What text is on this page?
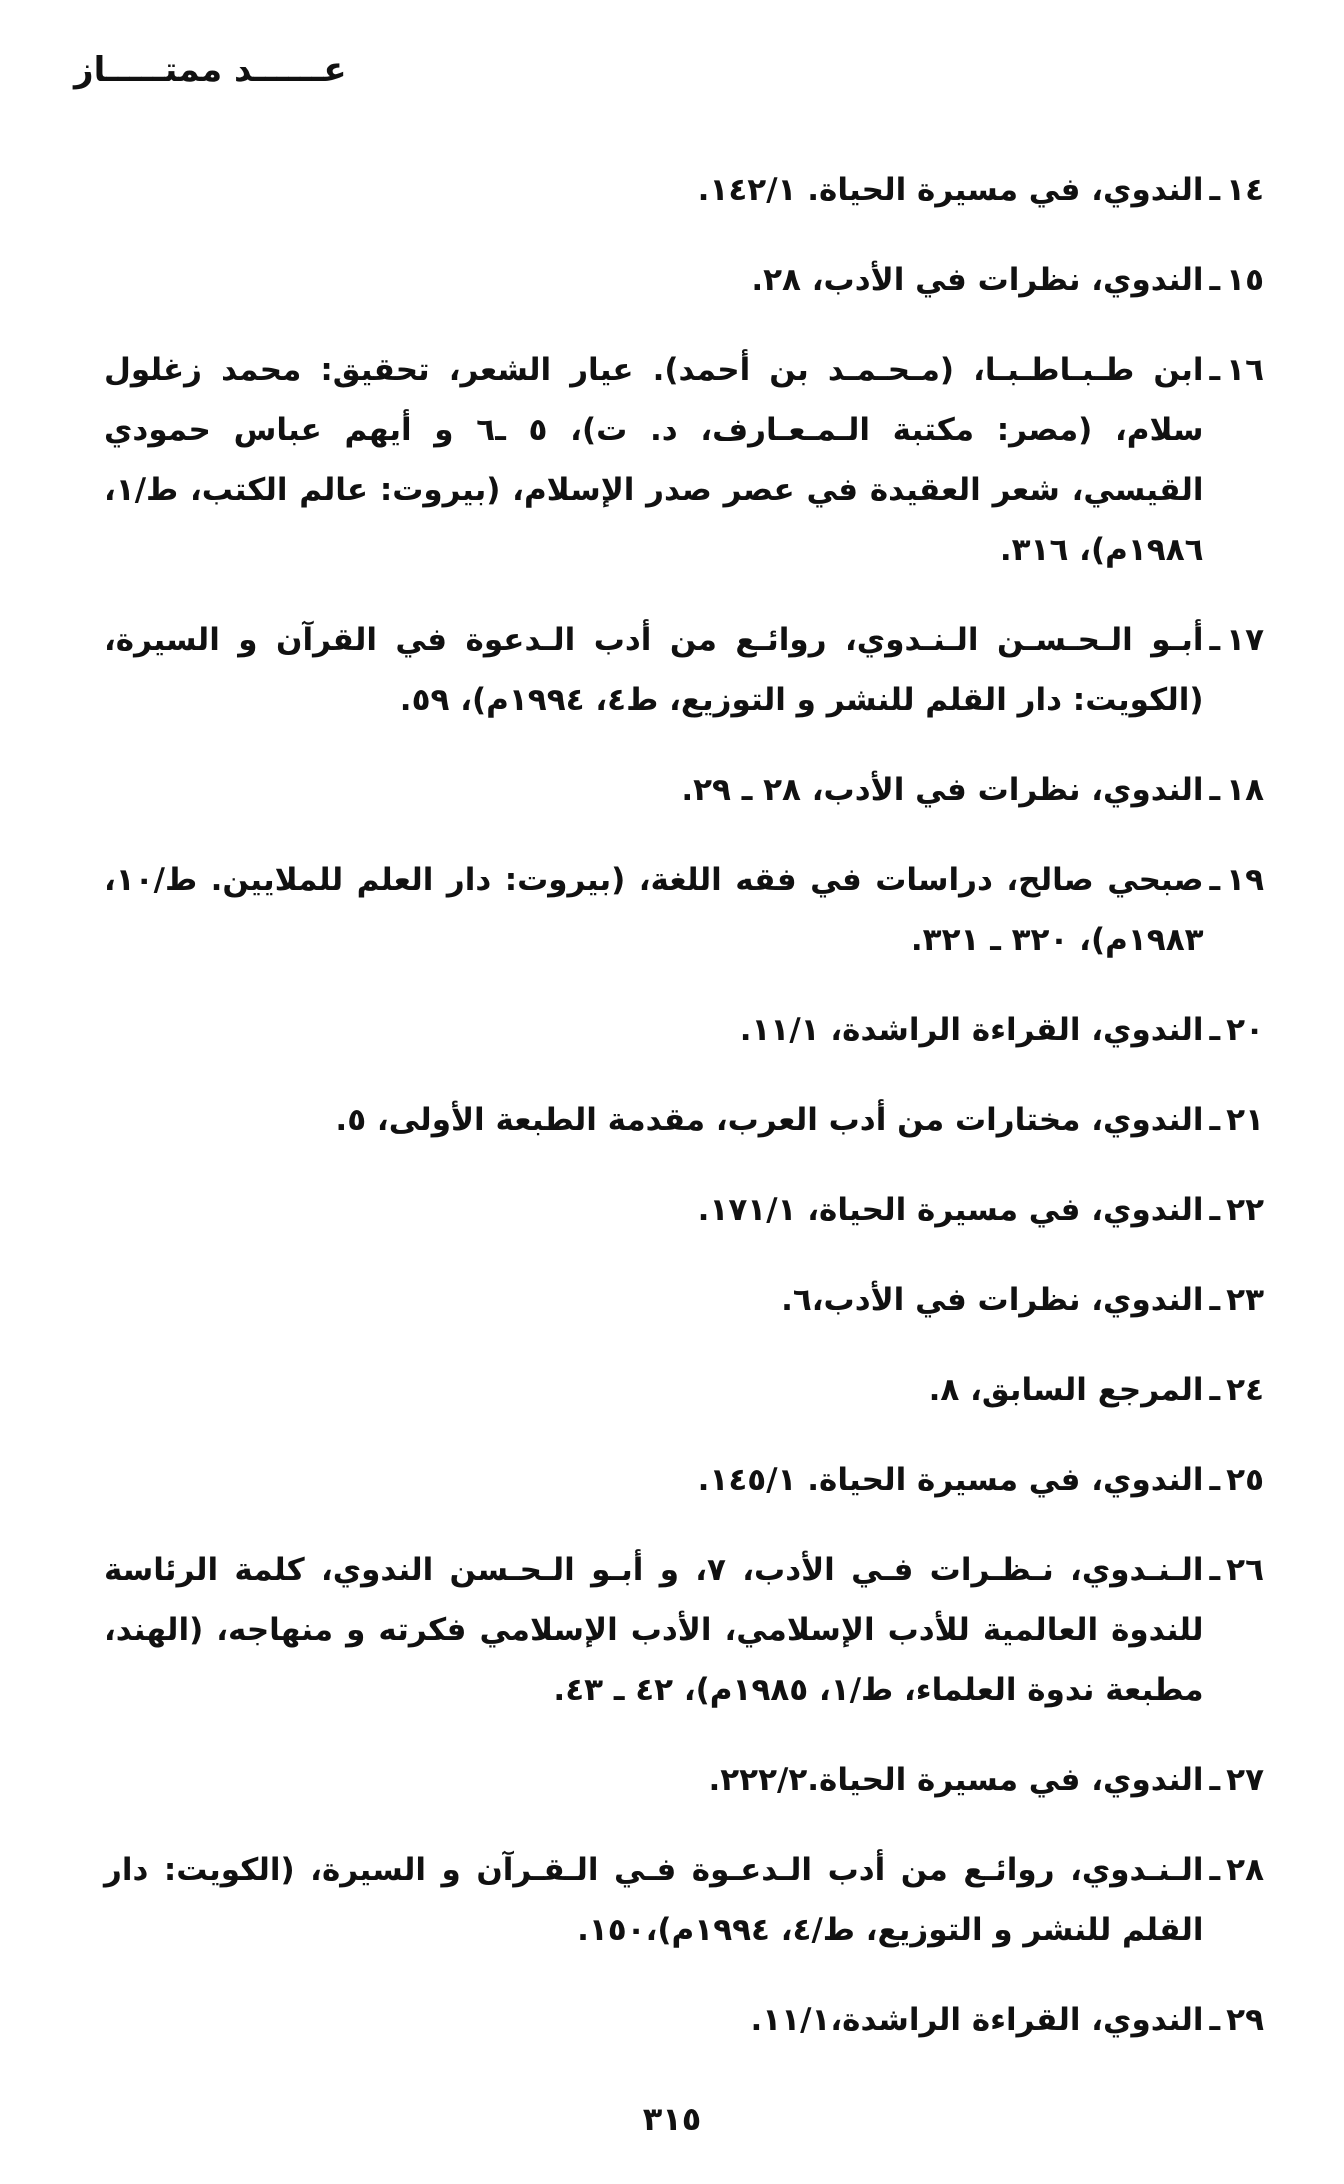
عــــــد ممتـــــاز
١٤
ـ
الندوي، في مسيرة الحياة. ١٤٢/١.
١٥
ـ
الندوي، نظرات في الأدب، ٢٨.
١٦
ـ
ابن طـبـاطـبـا، (مـحـمـد بن أحمد). عيار الشعر، تحقيق: محمد زغلول سلام، (مصر: مكتبة الـمـعـارف، د. ت)، ٥ ـ٦ و أيهم عباس حمودي القيسي، شعر العقيدة في عصر صدر الإسلام، (بيروت: عالم الكتب، ط/١، ١٩٨٦م)، ٣١٦.
١٧
ـ
أبـو الـحـسـن الـنـدوي، روائـع من أدب الـدعوة في القرآن و السيرة، (الكويت: دار القلم للنشر و التوزيع، ط٤، ١٩٩٤م)، ٥٩.
١٨
ـ
الندوي، نظرات في الأدب، ٢٨ ـ ٢٩.
١٩
ـ
صبحي صالح، دراسات في فقه اللغة، (بيروت: دار العلم للملايين. ط/١٠، ١٩٨٣م)، ٣٢٠ ـ ٣٢١.
٢٠
ـ
الندوي، القراءة الراشدة، ١١/١.
٢١
ـ
الندوي، مختارات من أدب العرب، مقدمة الطبعة الأولى، ٥.
٢٢
ـ
الندوي، في مسيرة الحياة، ١٧١/١.
٢٣
ـ
الندوي، نظرات في الأدب،٦.
٢٤
ـ
المرجع السابق، ٨.
٢٥
ـ
الندوي، في مسيرة الحياة. ١٤٥/١.
٢٦
ـ
الـنـدوي، نـظـرات فـي الأدب، ٧، و أبـو الـحـسن الندوي، كلمة الرئاسة للندوة العالمية للأدب الإسلامي، الأدب الإسلامي فكرته و منهاجه، (الهند، مطبعة ندوة العلماء، ط/١، ١٩٨٥م)، ٤٢ ـ ٤٣.
٢٧
ـ
الندوي، في مسيرة الحياة.٢٢٢/٢.
٢٨
ـ
الـنـدوي، روائـع من أدب الـدعـوة فـي الـقـرآن و السيرة، (الكويت: دار القلم للنشر و التوزيع، ط/٤، ١٩٩٤م)،١٥٠.
٢٩
ـ
الندوي، القراءة الراشدة،١١/١.
٣١٥
